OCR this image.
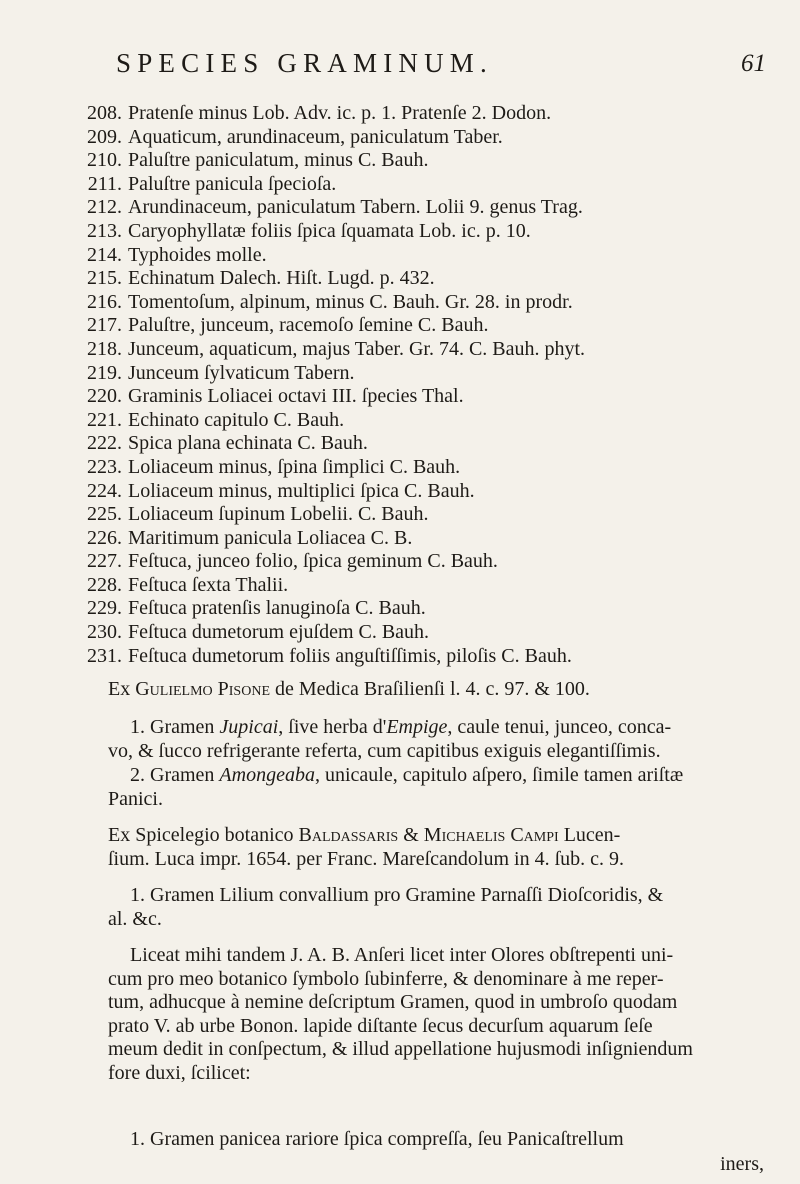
SPECIES GRAMINUM.	61
208. Pratenſe minus Lob. Adv. ic. p. 1. Pratenſe 2. Dodon.
209. Aquaticum, arundinaceum, paniculatum Taber.
210. Paluſtre paniculatum, minus C. Bauh.
211. Paluſtre panicula ſpecioſa.
212. Arundinaceum, paniculatum Tabern. Lolii 9. genus Trag.
213. Caryophyllatæ foliis ſpica ſquamata Lob. ic. p. 10.
214. Typhoides molle.
215. Echinatum Dalech. Hiſt. Lugd. p. 432.
216. Tomentoſum, alpinum, minus C. Bauh. Gr. 28. in prodr.
217. Paluſtre, junceum, racemoſo ſemine C. Bauh.
218. Junceum, aquaticum, majus Taber. Gr. 74. C. Bauh. phyt.
219. Junceum ſylvaticum Tabern.
220. Graminis Loliacei octavi III. ſpecies Thal.
221. Echinato capitulo C. Bauh.
222. Spica plana echinata C. Bauh.
223. Loliaceum minus, ſpina ſimplici C. Bauh.
224. Loliaceum minus, multiplici ſpica C. Bauh.
225. Loliaceum ſupinum Lobelii. C. Bauh.
226. Maritimum panicula Loliacea C. B.
227. Feſtuca, junceo folio, ſpica geminum C. Bauh.
228. Feſtuca ſexta Thalii.
229. Feſtuca pratenſis lanuginoſa C. Bauh.
230. Feſtuca dumetorum ejuſdem C. Bauh.
231. Feſtuca dumetorum foliis anguſtiſſimis, piloſis C. Bauh.
Ex Gulielmo Pisone de Medica Braſilienſi l. 4. c. 97. & 100.
1. Gramen Jupicai, ſive herba d'Empige, caule tenui, junceo, conca-
vo, & ſucco refrigerante referta, cum capitibus exiguis elegantiſſimis.
2. Gramen Amongeaba, unicaule, capitulo aſpero, ſimile tamen ariſtæ
Panici.
Ex Spicelegio botanico Baldassaris & Michaelis Campi Lucen-
ſium. Luca impr. 1654. per Franc. Mareſcandolum in 4. ſub. c. 9.
1. Gramen Lilium convallium pro Gramine Parnaſſi Dioſcoridis, &
al. &c.
Liceat mihi tandem J. A. B. Anſeri licet inter Olores obſtrepenti uni-
cum pro meo botanico ſymbolo ſubinferre, & denominare à me reper-
tum, adhucque à nemine deſcriptum Gramen, quod in umbroſo quodam
prato V. ab urbe Bonon. lapide diſtante ſecus decurſum aquarum ſeſe
meum dedit in conſpectum, & illud appellatione hujusmodi inſigniendum
fore duxi, ſcilicet:
1. Gramen panicea rariore ſpica compreſſa, ſeu Panicaſtrellum
iners,
